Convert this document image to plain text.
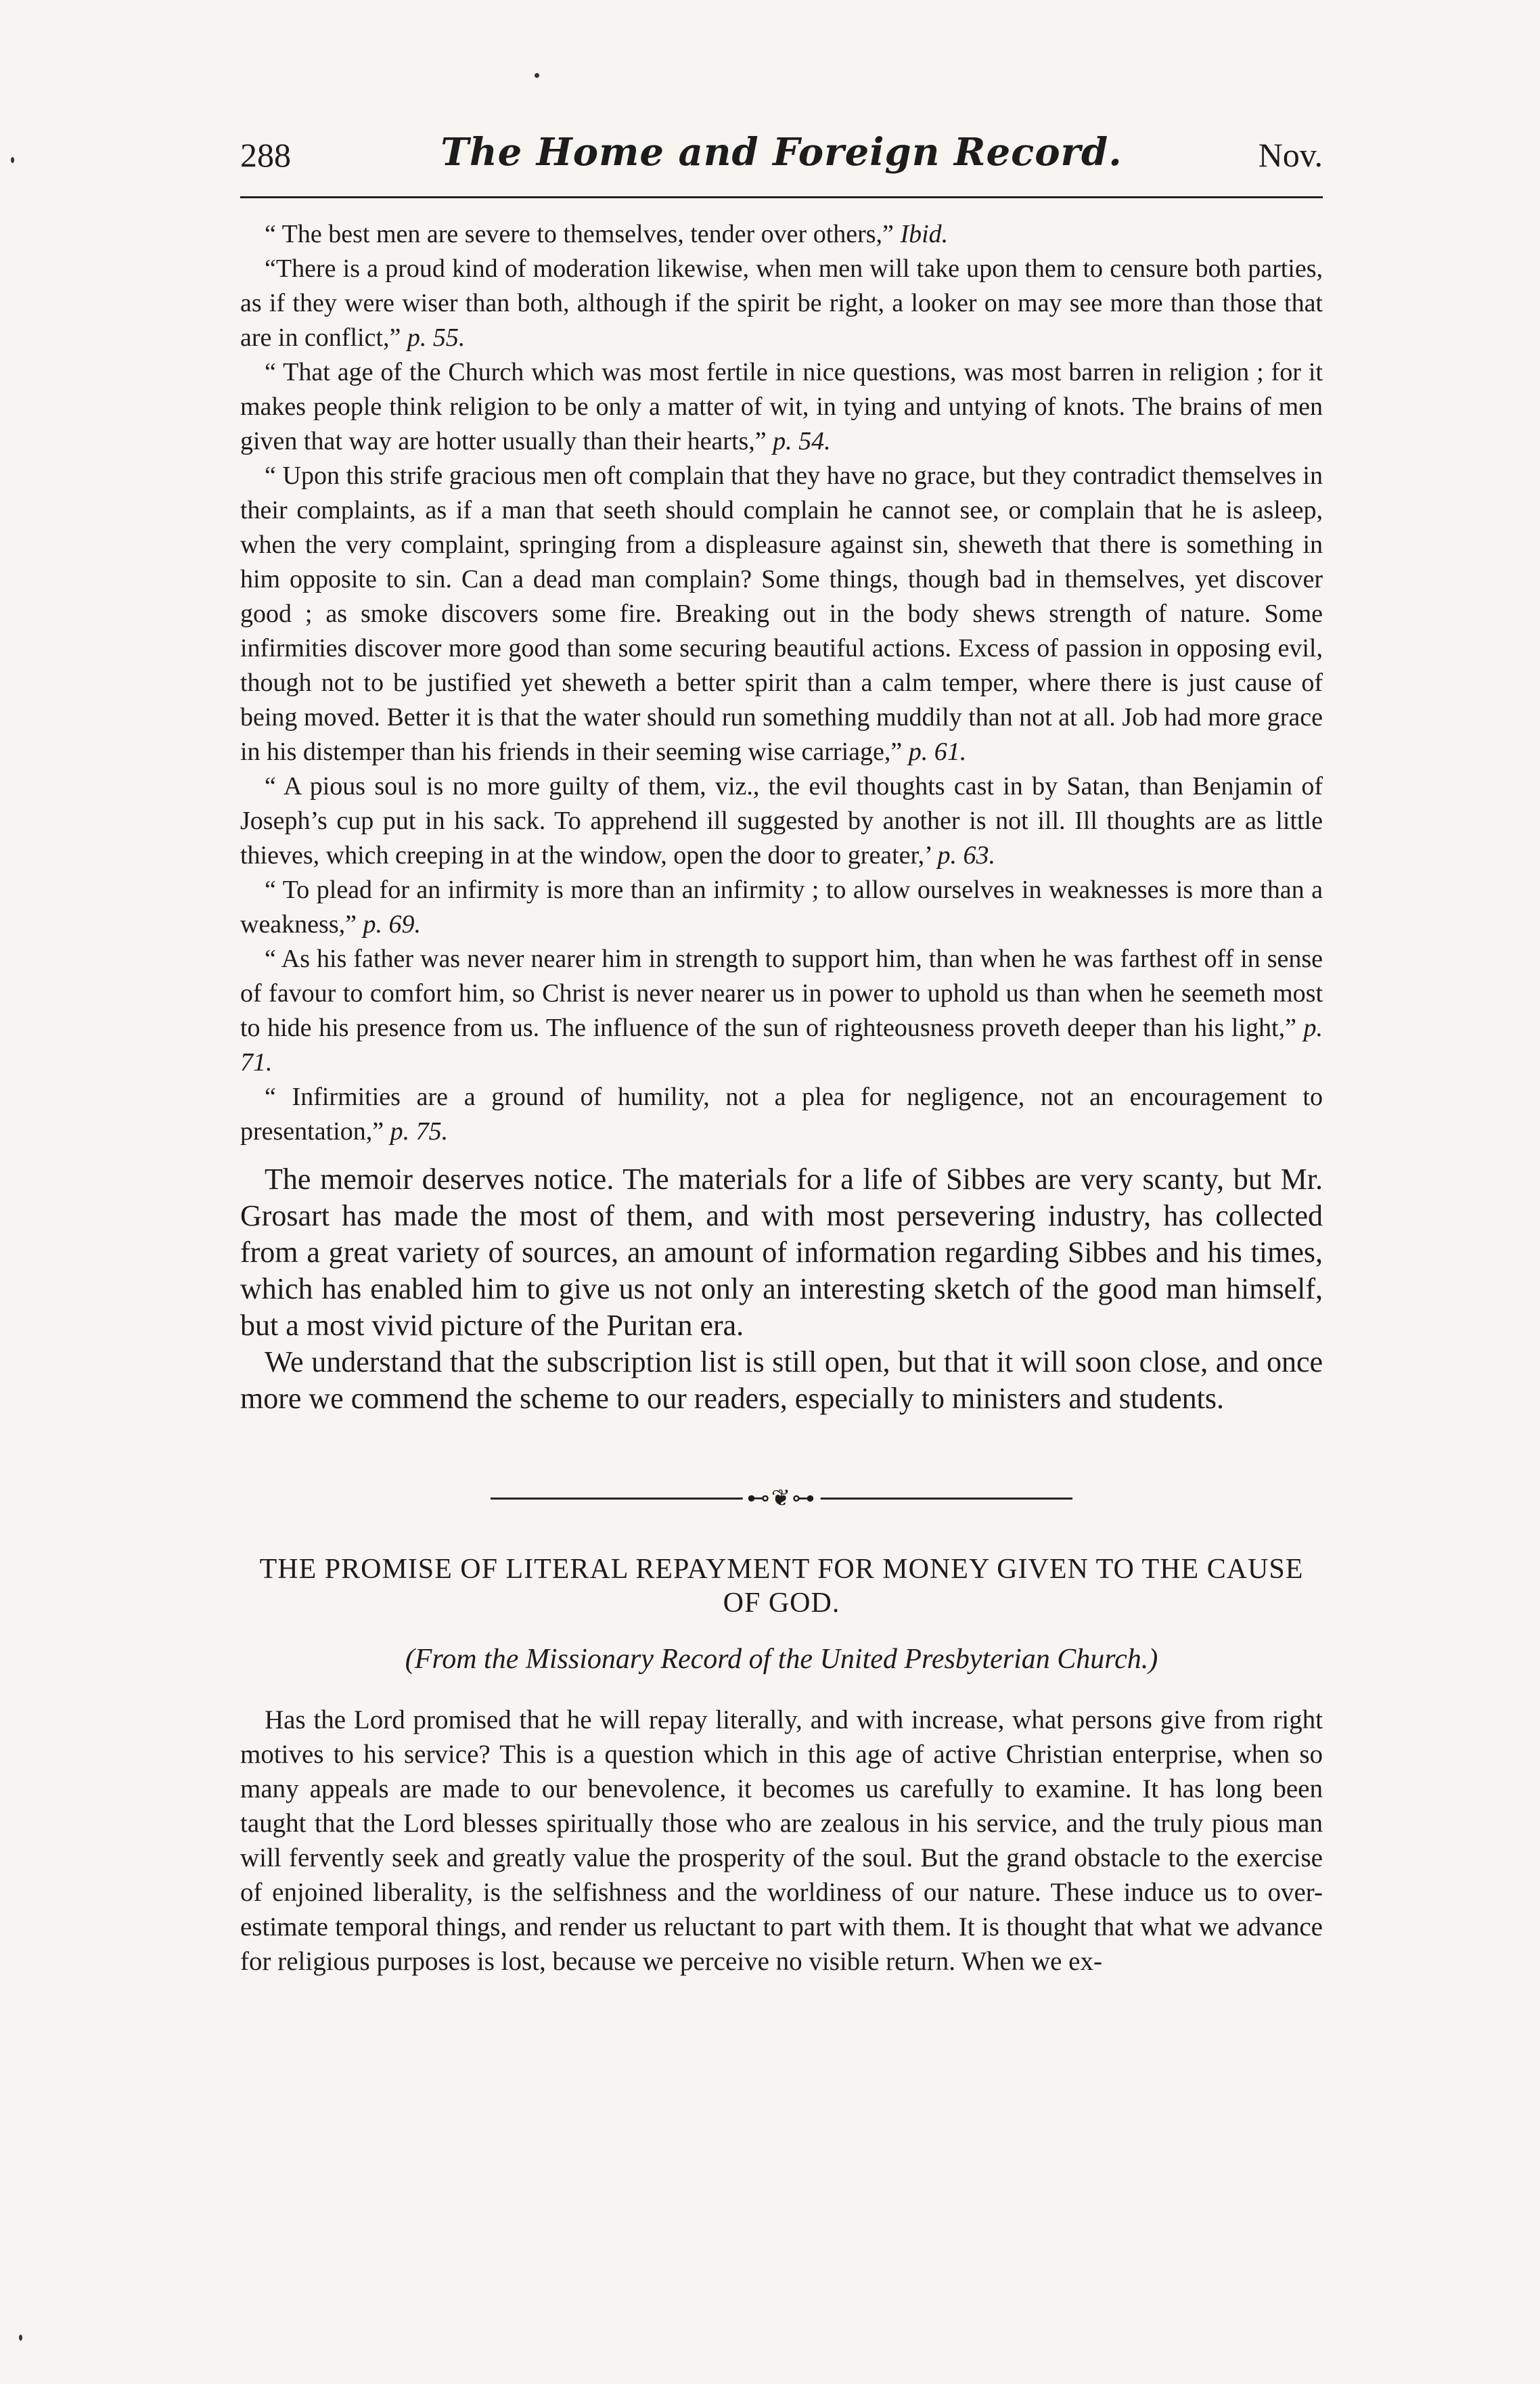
288	The Home and Foreign Record.	Nov.

“ The best men are severe to themselves, tender over others,” Ibid.

“There is a proud kind of moderation likewise, when men will take upon them to censure both parties, as if they were wiser than both, although if the spirit be right, a looker on may see more than those that are in conflict,” p. 55.

“ That age of the Church which was most fertile in nice questions, was most barren in religion ; for it makes people think religion to be only a matter of wit, in tying and untying of knots. The brains of men given that way are hotter usually than their hearts,” p. 54.

“ Upon this strife gracious men oft complain that they have no grace, but they contradict themselves in their complaints, as if a man that seeth should complain he cannot see, or complain that he is asleep, when the very complaint, springing from a displeasure against sin, sheweth that there is something in him opposite to sin. Can a dead man complain? Some things, though bad in themselves, yet discover good ; as smoke discovers some fire. Breaking out in the body shews strength of nature. Some infirmities discover more good than some securing beautiful actions. Excess of passion in opposing evil, though not to be justified yet sheweth a better spirit than a calm temper, where there is just cause of being moved. Better it is that the water should run something muddily than not at all. Job had more grace in his distemper than his friends in their seeming wise carriage,” p. 61.

“ A pious soul is no more guilty of them, viz., the evil thoughts cast in by Satan, than Benjamin of Joseph’s cup put in his sack. To apprehend ill suggested by another is not ill. Ill thoughts are as little thieves, which creeping in at the window, open the door to greater,’ p. 63.

“ To plead for an infirmity is more than an infirmity ; to allow ourselves in weaknesses is more than a weakness,” p. 69.

“ As his father was never nearer him in strength to support him, than when he was farthest off in sense of favour to comfort him, so Christ is never nearer us in power to uphold us than when he seemeth most to hide his presence from us. The influence of the sun of righteousness proveth deeper than his light,” p. 71.

“ Infirmities are a ground of humility, not a plea for negligence, not an encouragement to presentation,” p. 75.

The memoir deserves notice. The materials for a life of Sibbes are very scanty, but Mr. Grosart has made the most of them, and with most persevering industry, has collected from a great variety of sources, an amount of information regarding Sibbes and his times, which has enabled him to give us not only an interesting sketch of the good man himself, but a most vivid picture of the Puritan era.

We understand that the subscription list is still open, but that it will soon close, and once more we commend the scheme to our readers, especially to ministers and students.

⊷❦⊶
THE PROMISE OF LITERAL REPAYMENT FOR MONEY GIVEN TO THE CAUSE OF GOD.
(From the Missionary Record of the United Presbyterian Church.)

Has the Lord promised that he will repay literally, and with increase, what persons give from right motives to his service? This is a question which in this age of active Christian enterprise, when so many appeals are made to our benevolence, it becomes us carefully to examine. It has long been taught that the Lord blesses spiritually those who are zealous in his service, and the truly pious man will fervently seek and greatly value the prosperity of the soul. But the grand obstacle to the exercise of enjoined liberality, is the selfishness and the worldiness of our nature. These induce us to over-estimate temporal things, and render us reluctant to part with them. It is thought that what we advance for religious purposes is lost, because we perceive no visible return. When we ex-
